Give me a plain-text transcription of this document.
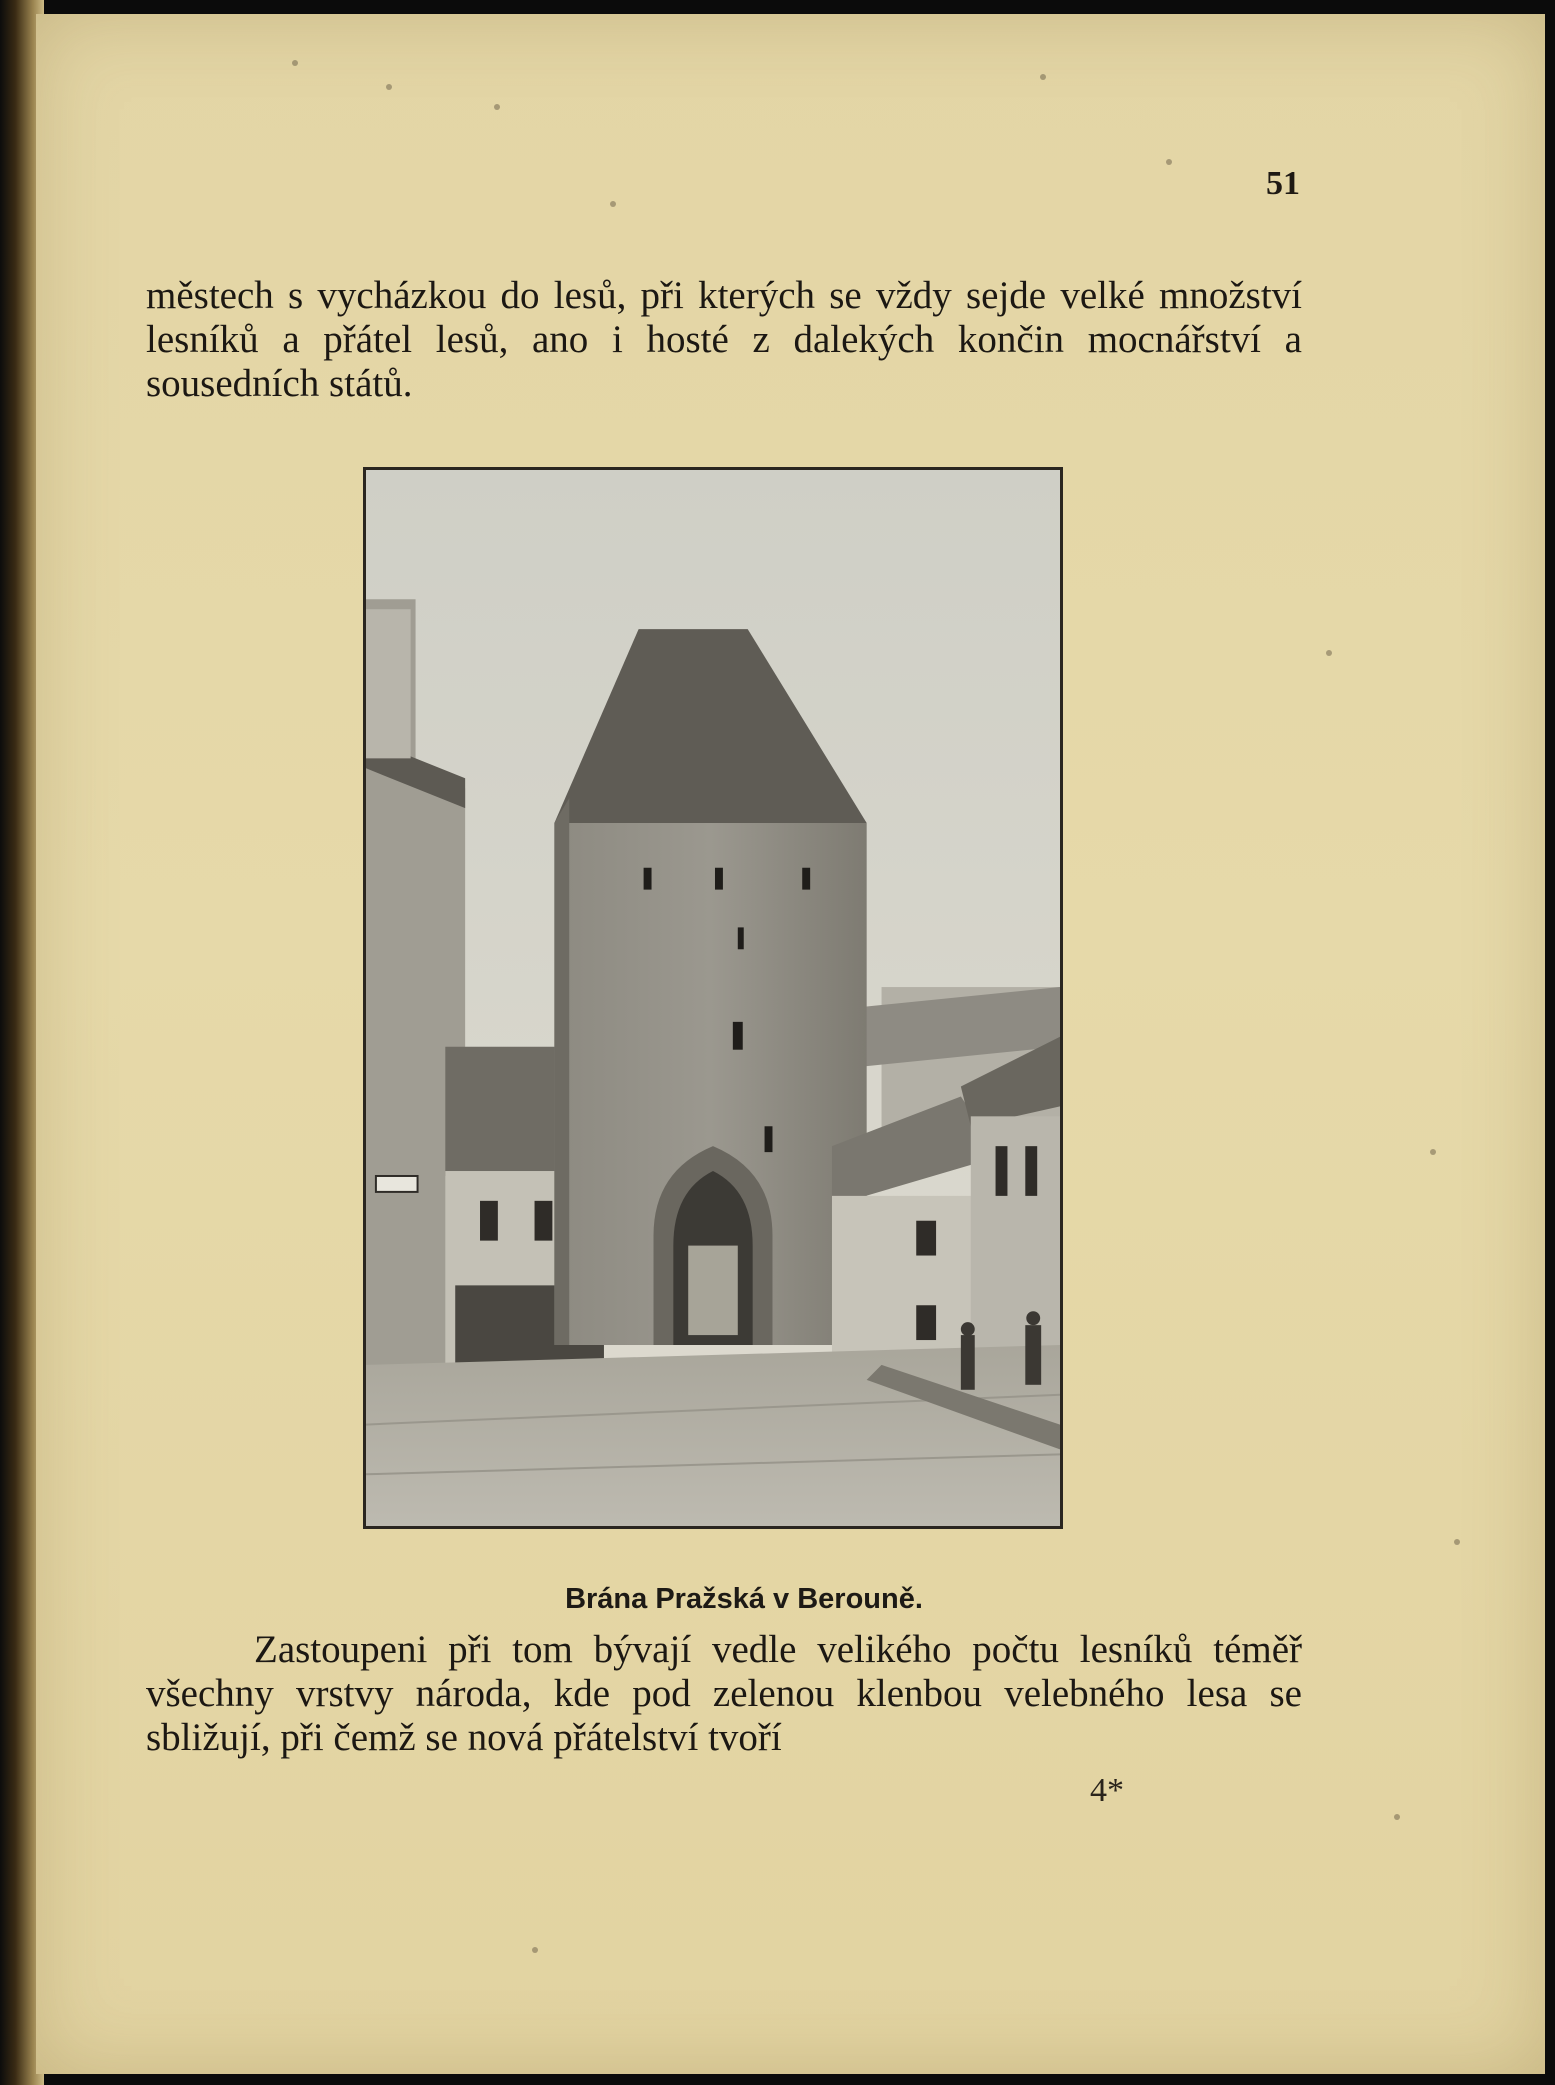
51

městech s vycházkou do lesů, při kterých se vždy sejde velké množství lesníků a přátel lesů, ano i hosté z dalekých končin mocnářství a sousedních států.

Brána Pražská v Berouně.

Zastoupeni při tom bývají vedle velikého počtu lesníků téměř všechny vrstvy národa, kde pod zelenou klenbou velebného lesa se sbližují, při čemž se nová přátelství tvoří

4*
